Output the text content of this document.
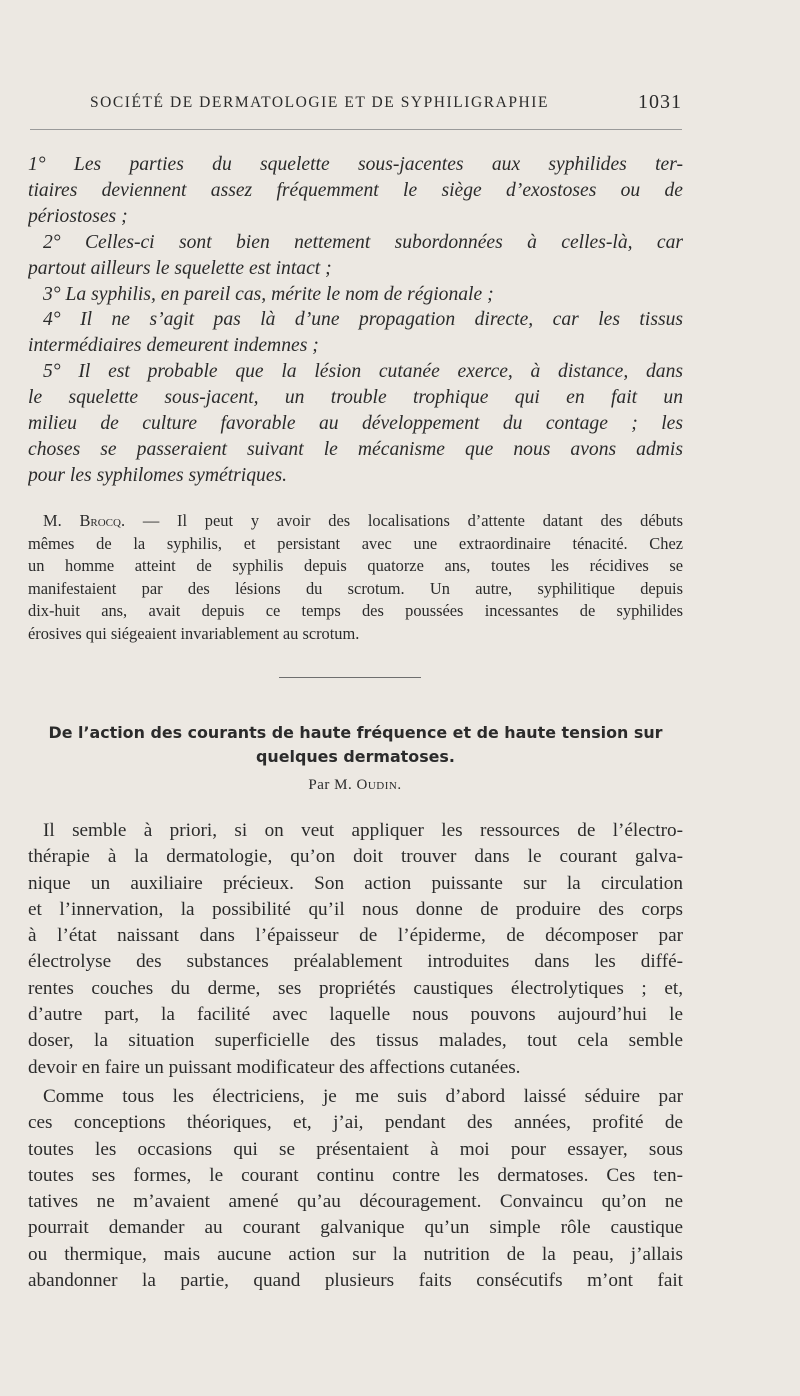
SOCIÉTÉ DE DERMATOLOGIE ET DE SYPHILIGRAPHIE	1031
1° Les parties du squelette sous-jacentes aux syphilides ter-
tiaires deviennent assez fréquemment le siège d’exostoses ou de
périostoses ;
2° Celles-ci sont bien nettement subordonnées à celles-là, car
partout ailleurs le squelette est intact ;
3° La syphilis, en pareil cas, mérite le nom de régionale ;
4° Il ne s’agit pas là d’une propagation directe, car les tissus
intermédiaires demeurent indemnes ;
5° Il est probable que la lésion cutanée exerce, à distance, dans
le squelette sous-jacent, un trouble trophique qui en fait un
milieu de culture favorable au développement du contage ; les
choses se passeraient suivant le mécanisme que nous avons admis
pour les syphilomes symétriques.
M. Brocq. — Il peut y avoir des localisations d’attente datant des débuts
mêmes de la syphilis, et persistant avec une extraordinaire ténacité. Chez
un homme atteint de syphilis depuis quatorze ans, toutes les récidives se
manifestaient par des lésions du scrotum. Un autre, syphilitique depuis
dix-huit ans, avait depuis ce temps des poussées incessantes de syphilides
érosives qui siégeaient invariablement au scrotum.
De l’action des courants de haute fréquence et de haute tension sur
quelques dermatoses.
Par M. Oudin.
Il semble à priori, si on veut appliquer les ressources de l’électro-
thérapie à la dermatologie, qu’on doit trouver dans le courant galva-
nique un auxiliaire précieux. Son action puissante sur la circulation
et l’innervation, la possibilité qu’il nous donne de produire des corps
à l’état naissant dans l’épaisseur de l’épiderme, de décomposer par
électrolyse des substances préalablement introduites dans les diffé-
rentes couches du derme, ses propriétés caustiques électrolytiques ; et,
d’autre part, la facilité avec laquelle nous pouvons aujourd’hui le
doser, la situation superficielle des tissus malades, tout cela semble
devoir en faire un puissant modificateur des affections cutanées.
Comme tous les électriciens, je me suis d’abord laissé séduire par
ces conceptions théoriques, et, j’ai, pendant des années, profité de
toutes les occasions qui se présentaient à moi pour essayer, sous
toutes ses formes, le courant continu contre les dermatoses. Ces ten-
tatives ne m’avaient amené qu’au découragement. Convaincu qu’on ne
pourrait demander au courant galvanique qu’un simple rôle caustique
ou thermique, mais aucune action sur la nutrition de la peau, j’allais
abandonner la partie, quand plusieurs faits consécutifs m’ont fait
